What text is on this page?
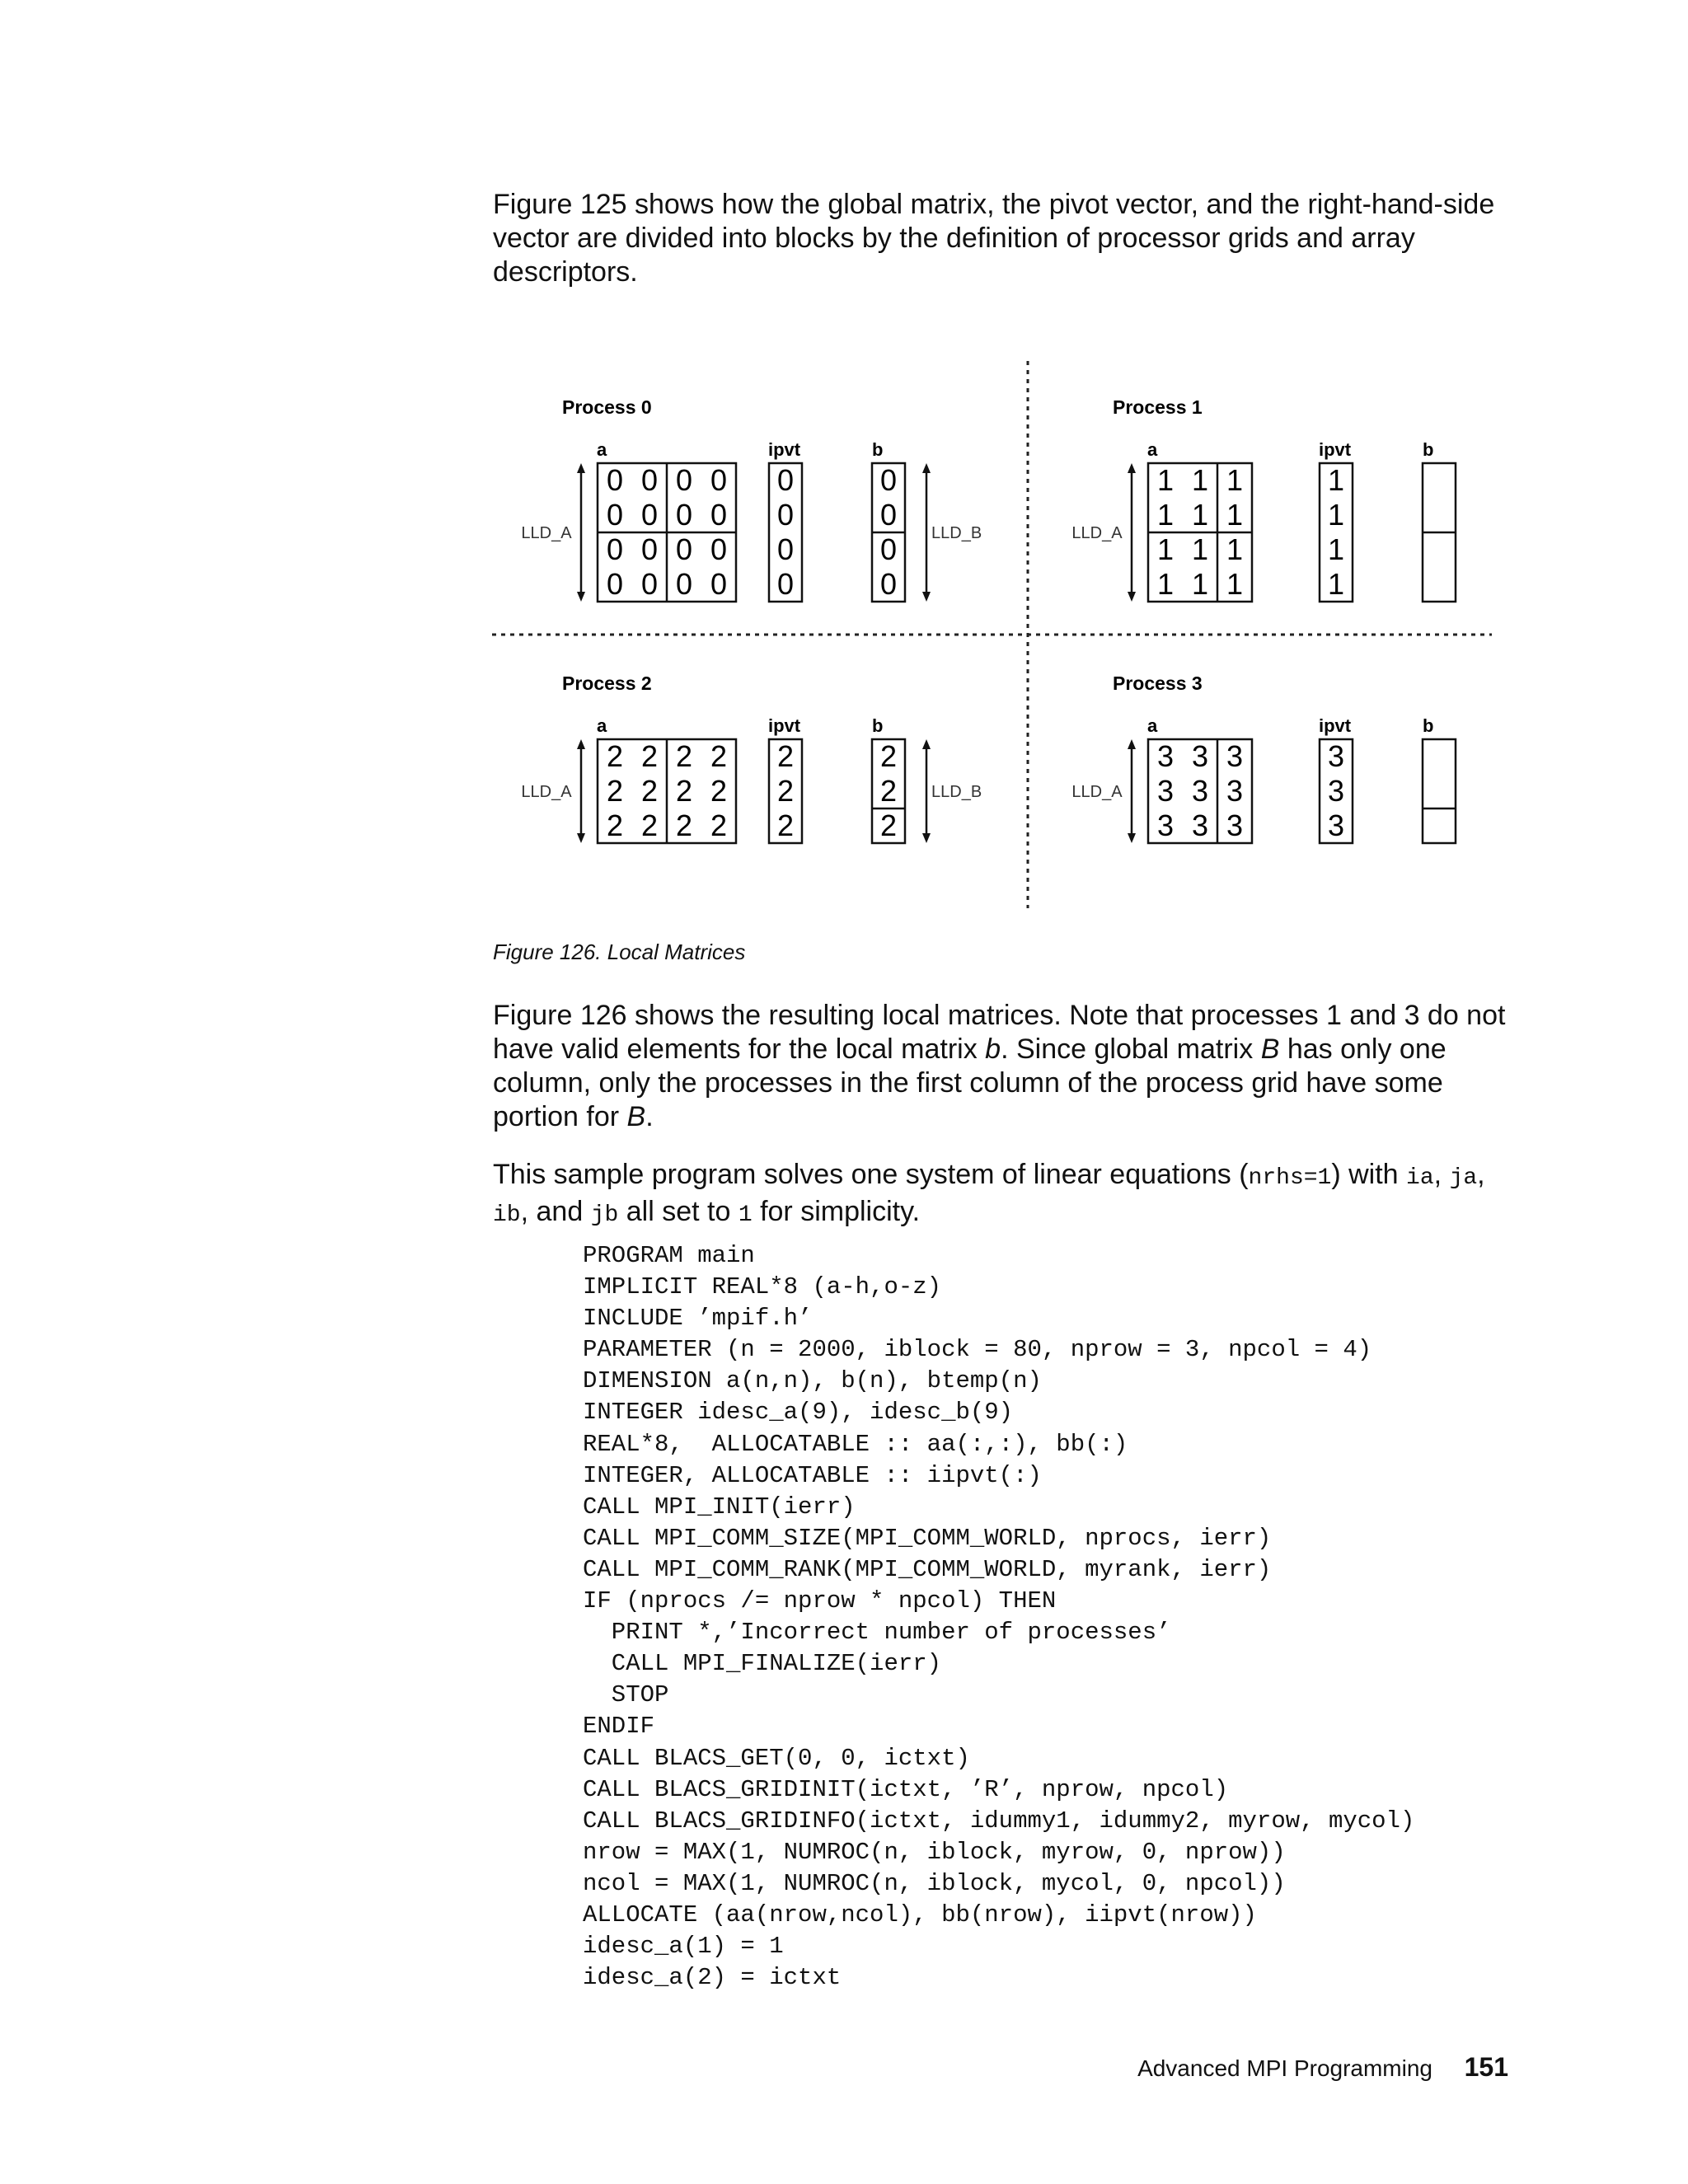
Figure 125 shows how the global matrix, the pivot vector, and the right-hand-side vector are divided into blocks by the definition of processor grids and array descriptors.

Process 0
a	ipvt	b
LLD_A
0 0 0 0
0 0 0 0
0 0 0 0
0 0 0 0
0
0
0
0
0
0
0
0
LLD_B
Process 1
a	ipvt	b
LLD_A
1 1 1
1 1 1
1 1 1
1 1 1
1
1
1
1
Process 2
a	ipvt	b
LLD_A
2 2 2 2
2 2 2 2
2 2 2 2
2
2
2
2
2
2
LLD_B
Process 3
a	ipvt	b
LLD_A
3 3 3
3 3 3
3 3 3
3
3
3

Figure 126. Local Matrices

Figure 126 shows the resulting local matrices. Note that processes 1 and 3 do not have valid elements for the local matrix b. Since global matrix B has only one column, only the processes in the first column of the process grid have some portion for B.

This sample program solves one system of linear equations (nrhs=1) with ia, ja, ib, and jb all set to 1 for simplicity.

PROGRAM main
IMPLICIT REAL*8 (a-h,o-z)
INCLUDE ’mpif.h’
PARAMETER (n = 2000, iblock = 80, nprow = 3, npcol = 4)
DIMENSION a(n,n), b(n), btemp(n)
INTEGER idesc_a(9), idesc_b(9)
REAL*8,  ALLOCATABLE :: aa(:,:), bb(:)
INTEGER, ALLOCATABLE :: iipvt(:)
CALL MPI_INIT(ierr)
CALL MPI_COMM_SIZE(MPI_COMM_WORLD, nprocs, ierr)
CALL MPI_COMM_RANK(MPI_COMM_WORLD, myrank, ierr)
IF (nprocs /= nprow * npcol) THEN
PRINT *,’Incorrect number of processes’
CALL MPI_FINALIZE(ierr)
STOP
ENDIF
CALL BLACS_GET(0, 0, ictxt)
CALL BLACS_GRIDINIT(ictxt, ’R’, nprow, npcol)
CALL BLACS_GRIDINFO(ictxt, idummy1, idummy2, myrow, mycol)
nrow = MAX(1, NUMROC(n, iblock, myrow, 0, nprow))
ncol = MAX(1, NUMROC(n, iblock, mycol, 0, npcol))
ALLOCATE (aa(nrow,ncol), bb(nrow), iipvt(nrow))
idesc_a(1) = 1
idesc_a(2) = ictxt

Advanced MPI Programming 151
